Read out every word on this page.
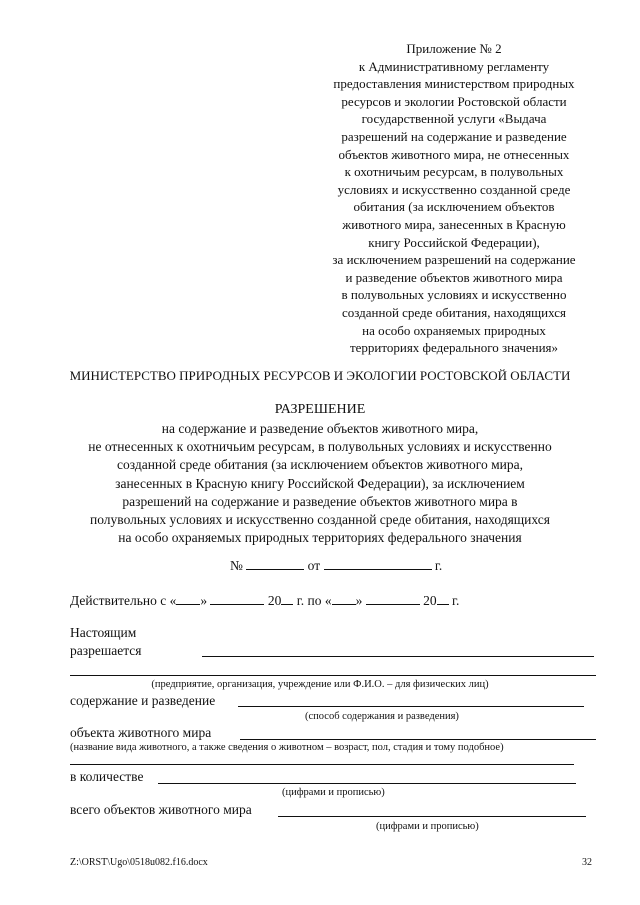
Приложение № 2
к Административному регламенту
предоставления министерством природных
ресурсов и экологии Ростовской области
государственной услуги «Выдача
разрешений на содержание и разведение
объектов животного мира, не отнесенных
к охотничьим ресурсам, в полувольных
условиях и искусственно созданной среде
обитания (за исключением объектов
животного мира, занесенных в Красную
книгу Российской Федерации),
за исключением разрешений на содержание
и разведение объектов животного мира
в полувольных условиях и искусственно
созданной среде обитания, находящихся
на особо охраняемых природных
территориях федерального значения»
МИНИСТЕРСТВО ПРИРОДНЫХ РЕСУРСОВ И ЭКОЛОГИИ РОСТОВСКОЙ ОБЛАСТИ
РАЗРЕШЕНИЕ
на содержание и разведение объектов животного мира,
не отнесенных к охотничьим ресурсам, в полувольных условиях и искусственно
созданной среде обитания (за исключением объектов животного мира,
занесенных в Красную книгу Российской Федерации), за исключением
разрешений на содержание и разведение объектов животного мира в
полувольных условиях и искусственно созданной среде обитания, находящихся
на особо охраняемых природных территориях федерального значения
№	от	г.
Действительно с « »	20 г. по « »	20 г.
Настоящим
разрешается
(предприятие, организация, учреждение или Ф.И.О. – для физических лиц)
содержание и разведение
(способ содержания и разведения)
объекта животного мира
(название вида животного, а также сведения о животном – возраст, пол, стадия и тому подобное)
в количестве
(цифрами и прописью)
всего объектов животного мира
(цифрами и прописью)
Z:\ORST\Ugo\0518u082.f16.docx	32
